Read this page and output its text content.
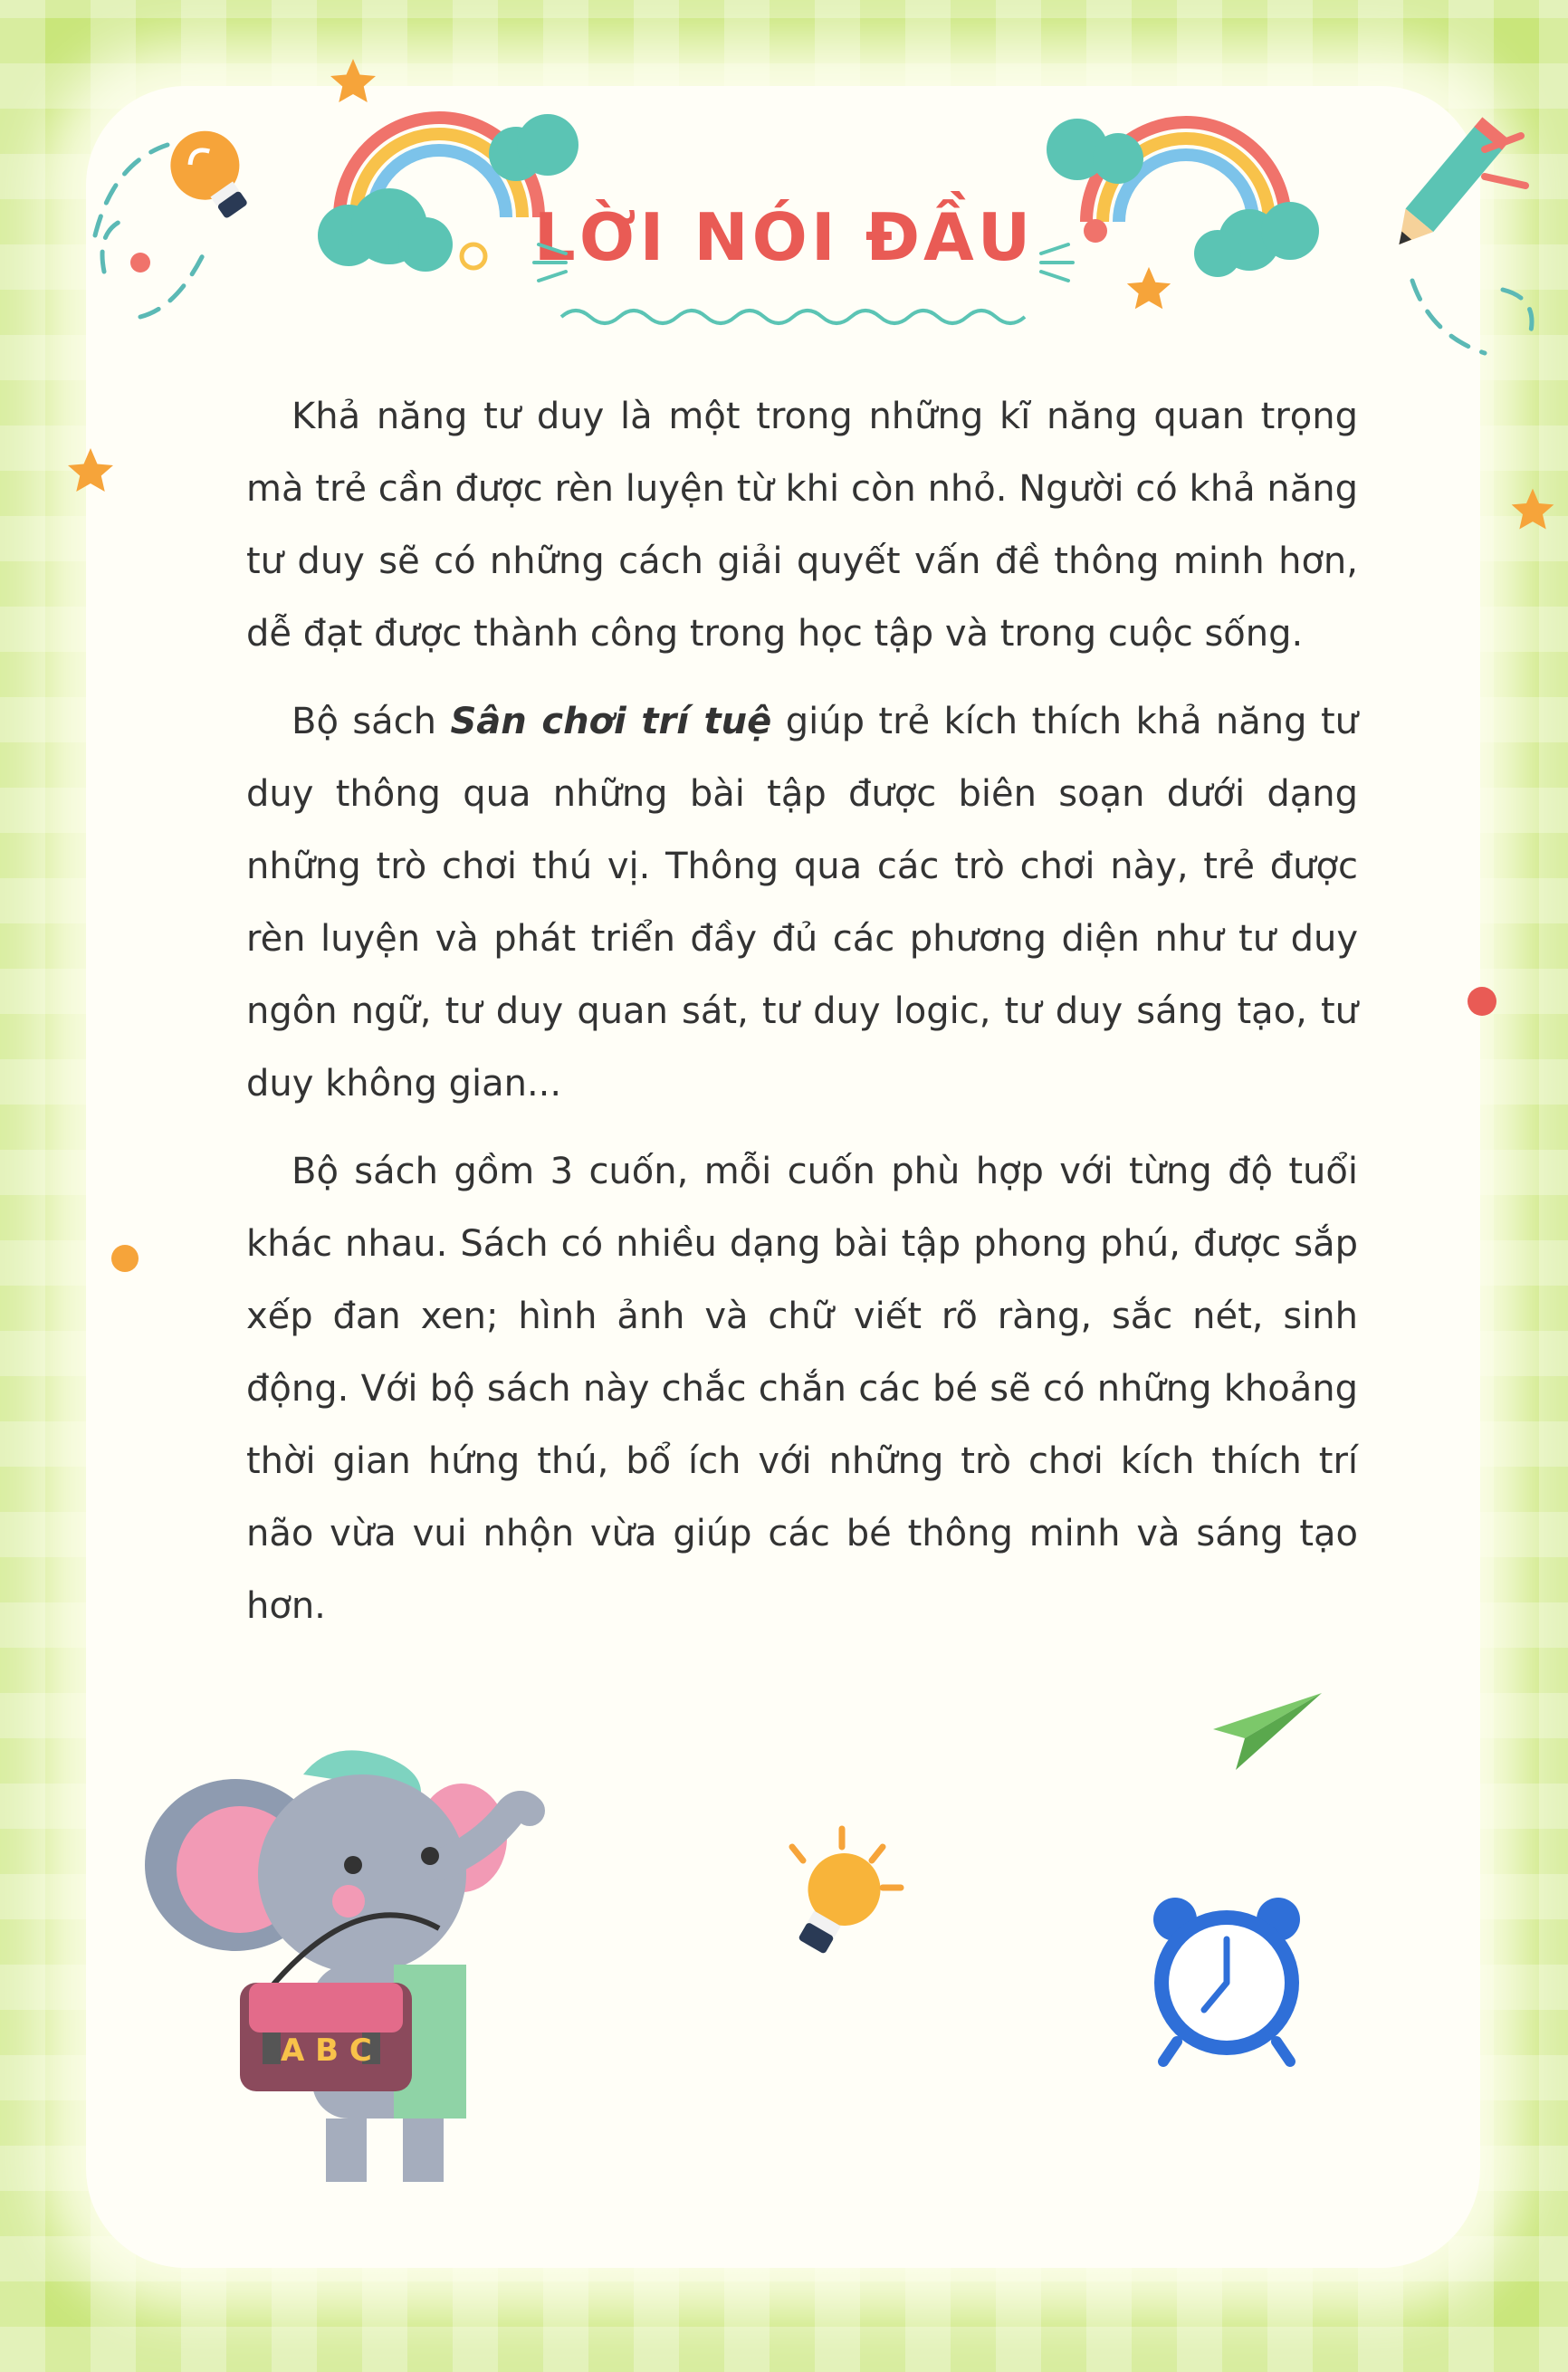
LỜI NÓI ĐẦU

Khả năng tư duy là một trong những kĩ năng quan trọng mà trẻ cần được rèn luyện từ khi còn nhỏ. Người có khả năng tư duy sẽ có những cách giải quyết vấn đề thông minh hơn, dễ đạt được thành công trong học tập và trong cuộc sống.

Bộ sách Sân chơi trí tuệ giúp trẻ kích thích khả năng tư duy thông qua những bài tập được biên soạn dưới dạng những trò chơi thú vị. Thông qua các trò chơi này, trẻ được rèn luyện và phát triển đầy đủ các phương diện như tư duy ngôn ngữ, tư duy quan sát, tư duy logic, tư duy sáng tạo, tư duy không gian...

Bộ sách gồm 3 cuốn, mỗi cuốn phù hợp với từng độ tuổi khác nhau. Sách có nhiều dạng bài tập phong phú, được sắp xếp đan xen; hình ảnh và chữ viết rõ ràng, sắc nét, sinh động. Với bộ sách này chắc chắn các bé sẽ có những khoảng thời gian hứng thú, bổ ích với những trò chơi kích thích trí não vừa vui nhộn vừa giúp các bé thông minh và sáng tạo hơn.

A B C
